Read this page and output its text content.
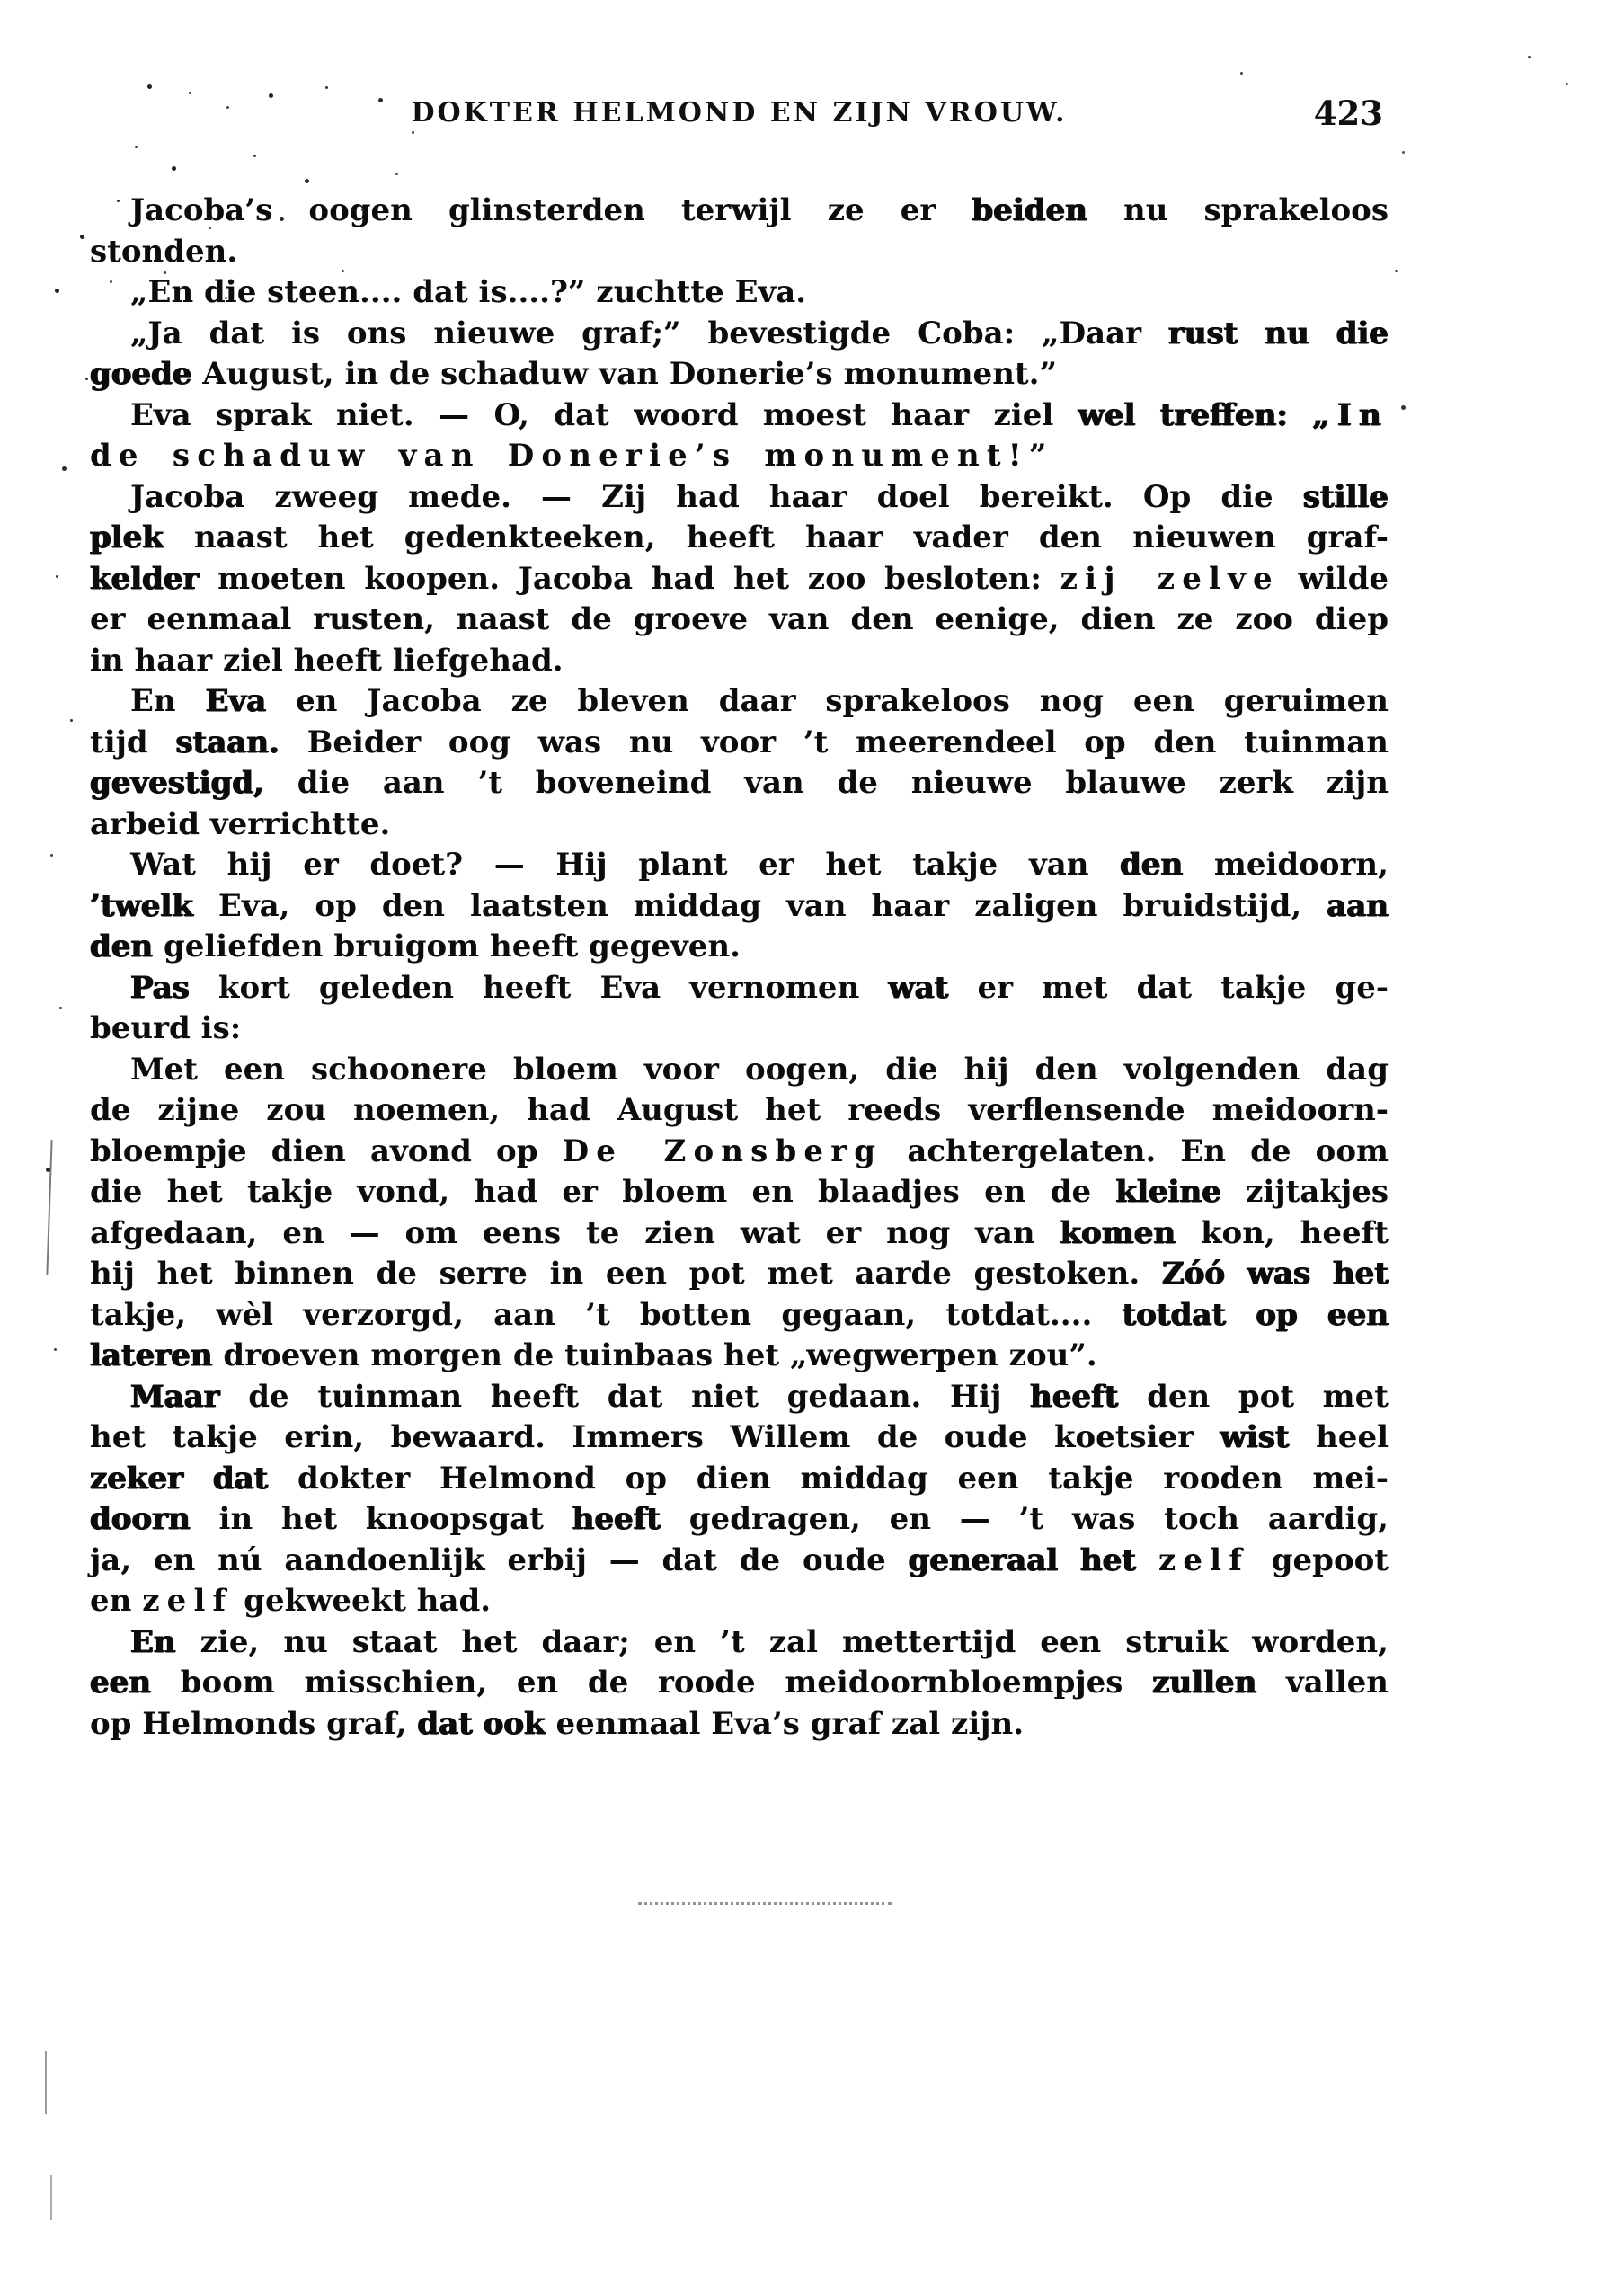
DOKTER HELMOND EN ZIJN VROUW.	423
Jacoba’s oogen glinsterden terwijl ze er beiden nu sprakeloos
stonden.
„En die steen.... dat is....?” zuchtte Eva.
„Ja dat is ons nieuwe graf;” bevestigde Coba: „Daar rust nu die
goede August, in de schaduw van Donerie’s monument.”
Eva sprak niet. — O, dat woord moest haar ziel wel treffen: „In
de schaduw van Donerie’s monument!”
Jacoba zweeg mede. — Zij had haar doel bereikt. Op die stille
plek naast het gedenkteeken, heeft haar vader den nieuwen graf-
kelder moeten koopen. Jacoba had het zoo besloten: zij zelve wilde
er eenmaal rusten, naast de groeve van den eenige, dien ze zoo diep
in haar ziel heeft liefgehad.
En Eva en Jacoba ze bleven daar sprakeloos nog een geruimen
tijd staan. Beider oog was nu voor ’t meerendeel op den tuinman
gevestigd, die aan ’t boveneind van de nieuwe blauwe zerk zijn
arbeid verrichtte.
Wat hij er doet? — Hij plant er het takje van den meidoorn,
’twelk Eva, op den laatsten middag van haar zaligen bruidstijd, aan
den geliefden bruigom heeft gegeven.
Pas kort geleden heeft Eva vernomen wat er met dat takje ge-
beurd is:
Met een schoonere bloem voor oogen, die hij den volgenden dag
de zijne zou noemen, had August het reeds verflensende meidoorn-
bloempje dien avond op De Zonsberg achtergelaten. En de oom
die het takje vond, had er bloem en blaadjes en de kleine zijtakjes
afgedaan, en — om eens te zien wat er nog van komen kon, heeft
hij het binnen de serre in een pot met aarde gestoken. Zóó was het
takje, wèl verzorgd, aan ’t botten gegaan, totdat.... totdat op een
lateren droeven morgen de tuinbaas het „wegwerpen zou”.
Maar de tuinman heeft dat niet gedaan. Hij heeft den pot met
het takje erin, bewaard. Immers Willem de oude koetsier wist heel
zeker dat dokter Helmond op dien middag een takje rooden mei-
doorn in het knoopsgat heeft gedragen, en — ’t was toch aardig,
ja, en nú aandoenlijk erbij — dat de oude generaal het zelf gepoot
en zelf gekweekt had.
En zie, nu staat het daar; en ’t zal mettertijd een struik worden,
een boom misschien, en de roode meidoornbloempjes zullen vallen
op Helmonds graf, dat ook eenmaal Eva’s graf zal zijn.
